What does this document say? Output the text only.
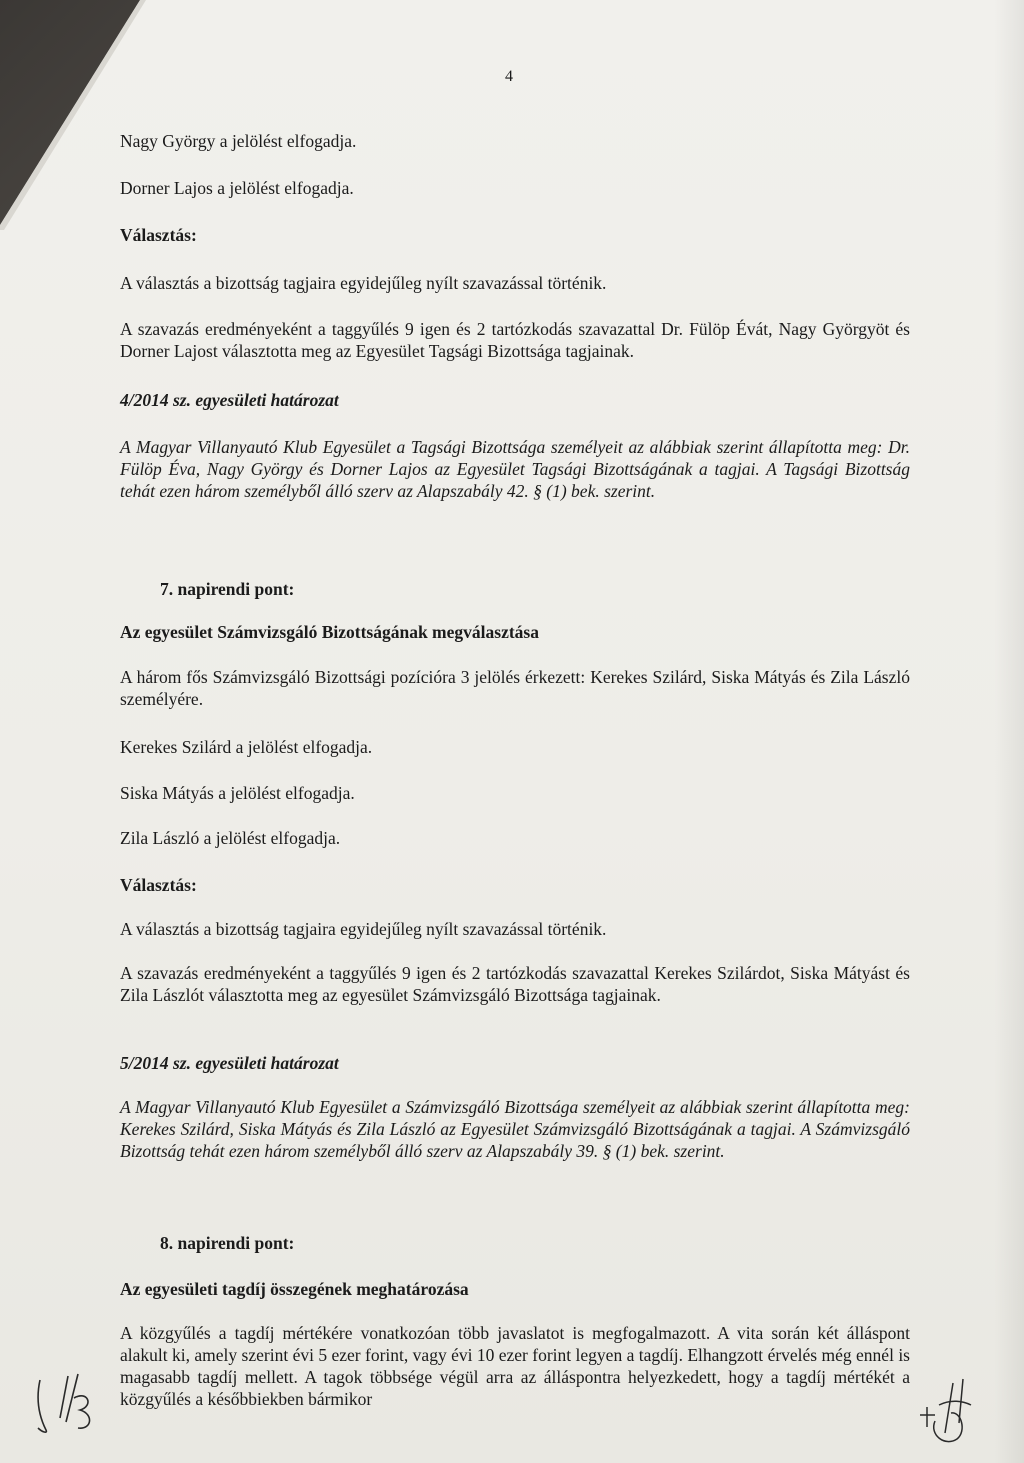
4
Nagy György a jelölést elfogadja.
Dorner Lajos a jelölést elfogadja.
Választás:
A választás a bizottság tagjaira egyidejűleg nyílt szavazással történik.
A szavazás eredményeként a taggyűlés 9 igen és 2 tartózkodás szavazattal Dr. Fülöp Évát, Nagy Györgyöt és Dorner Lajost választotta meg az Egyesület Tagsági Bizottsága tagjainak.
4/2014 sz. egyesületi határozat
A Magyar Villanyautó Klub Egyesület a Tagsági Bizottsága személyeit az alábbiak szerint állapította meg: Dr. Fülöp Éva, Nagy György és Dorner Lajos az Egyesület Tagsági Bizottságának a tagjai. A Tagsági Bizottság tehát ezen három személyből álló szerv az Alapszabály 42. § (1) bek. szerint.
7. napirendi pont:
Az egyesület Számvizsgáló Bizottságának megválasztása
A három fős Számvizsgáló Bizottsági pozícióra 3 jelölés érkezett: Kerekes Szilárd, Siska Mátyás és Zila László személyére.
Kerekes Szilárd a jelölést elfogadja.
Siska Mátyás a jelölést elfogadja.
Zila László a jelölést elfogadja.
Választás:
A választás a bizottság tagjaira egyidejűleg nyílt szavazással történik.
A szavazás eredményeként a taggyűlés 9 igen és 2 tartózkodás szavazattal Kerekes Szilárdot, Siska Mátyást és Zila Lászlót választotta meg az egyesület Számvizsgáló Bizottsága tagjainak.
5/2014 sz. egyesületi határozat
A Magyar Villanyautó Klub Egyesület a Számvizsgáló Bizottsága személyeit az alábbiak szerint állapította meg: Kerekes Szilárd, Siska Mátyás és Zila László az Egyesület Számvizsgáló Bizottságának a tagjai. A Számvizsgáló Bizottság tehát ezen három személyből álló szerv az Alapszabály 39. § (1) bek. szerint.
8. napirendi pont:
Az egyesületi tagdíj összegének meghatározása
A közgyűlés a tagdíj mértékére vonatkozóan több javaslatot is megfogalmazott. A vita során két álláspont alakult ki, amely szerint évi 5 ezer forint, vagy évi 10 ezer forint legyen a tagdíj. Elhangzott érvelés még ennél is magasabb tagdíj mellett. A tagok többsége végül arra az álláspontra helyezkedett, hogy a tagdíj mértékét a közgyűlés a későbbiekben bármikor
